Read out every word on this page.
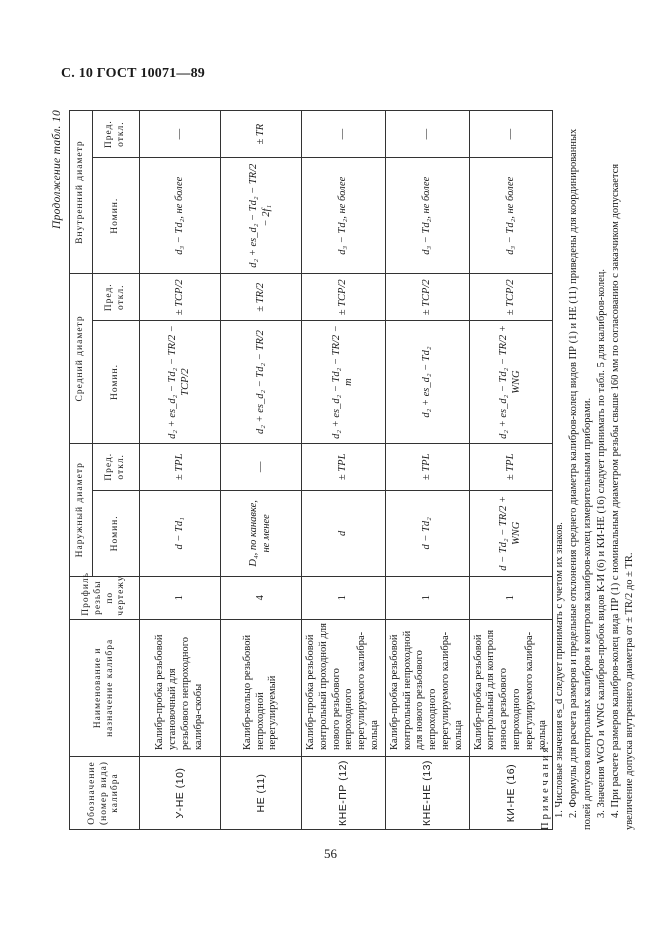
С. 10 ГОСТ 10071—89
Продолжение табл. 10
Обозначение (номер вида) калибра	Наименование и назначение калибра	Профиль резьбы по чертежу	Наружный диаметр		Средний диаметр		Внутренний диаметр	
			Номин.	Пред. откл.	Номин.	Пред. откл.	Номин.	Пред. откл.
У-НЕ (10)	Калибр-пробка резьбовой установочный для резьбового непроходного калибра-скобы	1	d − Td₁	± TPL	d₂ + es_d₂ − Td₂ − TR/2 − TCP/2	± TCP/2	d₃ − Td₂, не более	—
НЕ (11)	Калибр-кольцо резьбовой непроходной нерегулируемый	4	D₄, по канавке, не менее	—	d₂ + es_d₂ − Td₂ − TR/2	± TR/2	d₂ + es_d₂ − Td₂ − TR/2 − 2f₁	± TR
КНЕ-ПР (12)	Калибр-пробка резьбовой контрольный проходной для нового резьбового непроходного нерегулируемого калибра-кольца	1	d	± TPL	d₂ + es_d₂ − Td₂ − TR/2 − m	± TCP/2	d₃ − Td₂, не более	—
КНЕ-НЕ (13)	Калибр-пробка резьбовой контрольный непроходной для нового резьбового непроходного нерегулируемого калибра-кольца	1	d − Td₂	± TPL	d₂ + es_d₂ − Td₂	± TCP/2	d₃ − Td₂, не более	—
КИ-НЕ (16)	Калибр-пробка резьбовой контрольный для контроля износа резьбового непроходного нерегулируемого калибра-кольца	1	d − Td₂ − TR/2 + WNG	± TPL	d₂ + es_d₂ − Td₂ − TR/2 + WNG	± TCP/2	d₃ − Td₂, не более	—

Примечания: 1. Числовые значения es_d следует принимать с учетом их знаков. 2. Формулы для расчета размеров и предельные отклонения среднего диаметра калибров-колец видов ПР (1) и НЕ (11) приведены для координированных полей допусков контрольных калибров и контроля калибров-колец измерительными приборами. 3. Значения WGO и WNG калибров-пробок видов К-И (6) и КИ-НЕ (16) следует принимать по табл. 5 для калибров-колец. 4. При расчете размеров калибров-колец вида ПР (1) с номинальным диаметром резьбы свыше 160 мм по согласованию с заказчиком допускается увеличение допуска внутреннего диаметра от ± TR/2 до ± TR.

56
